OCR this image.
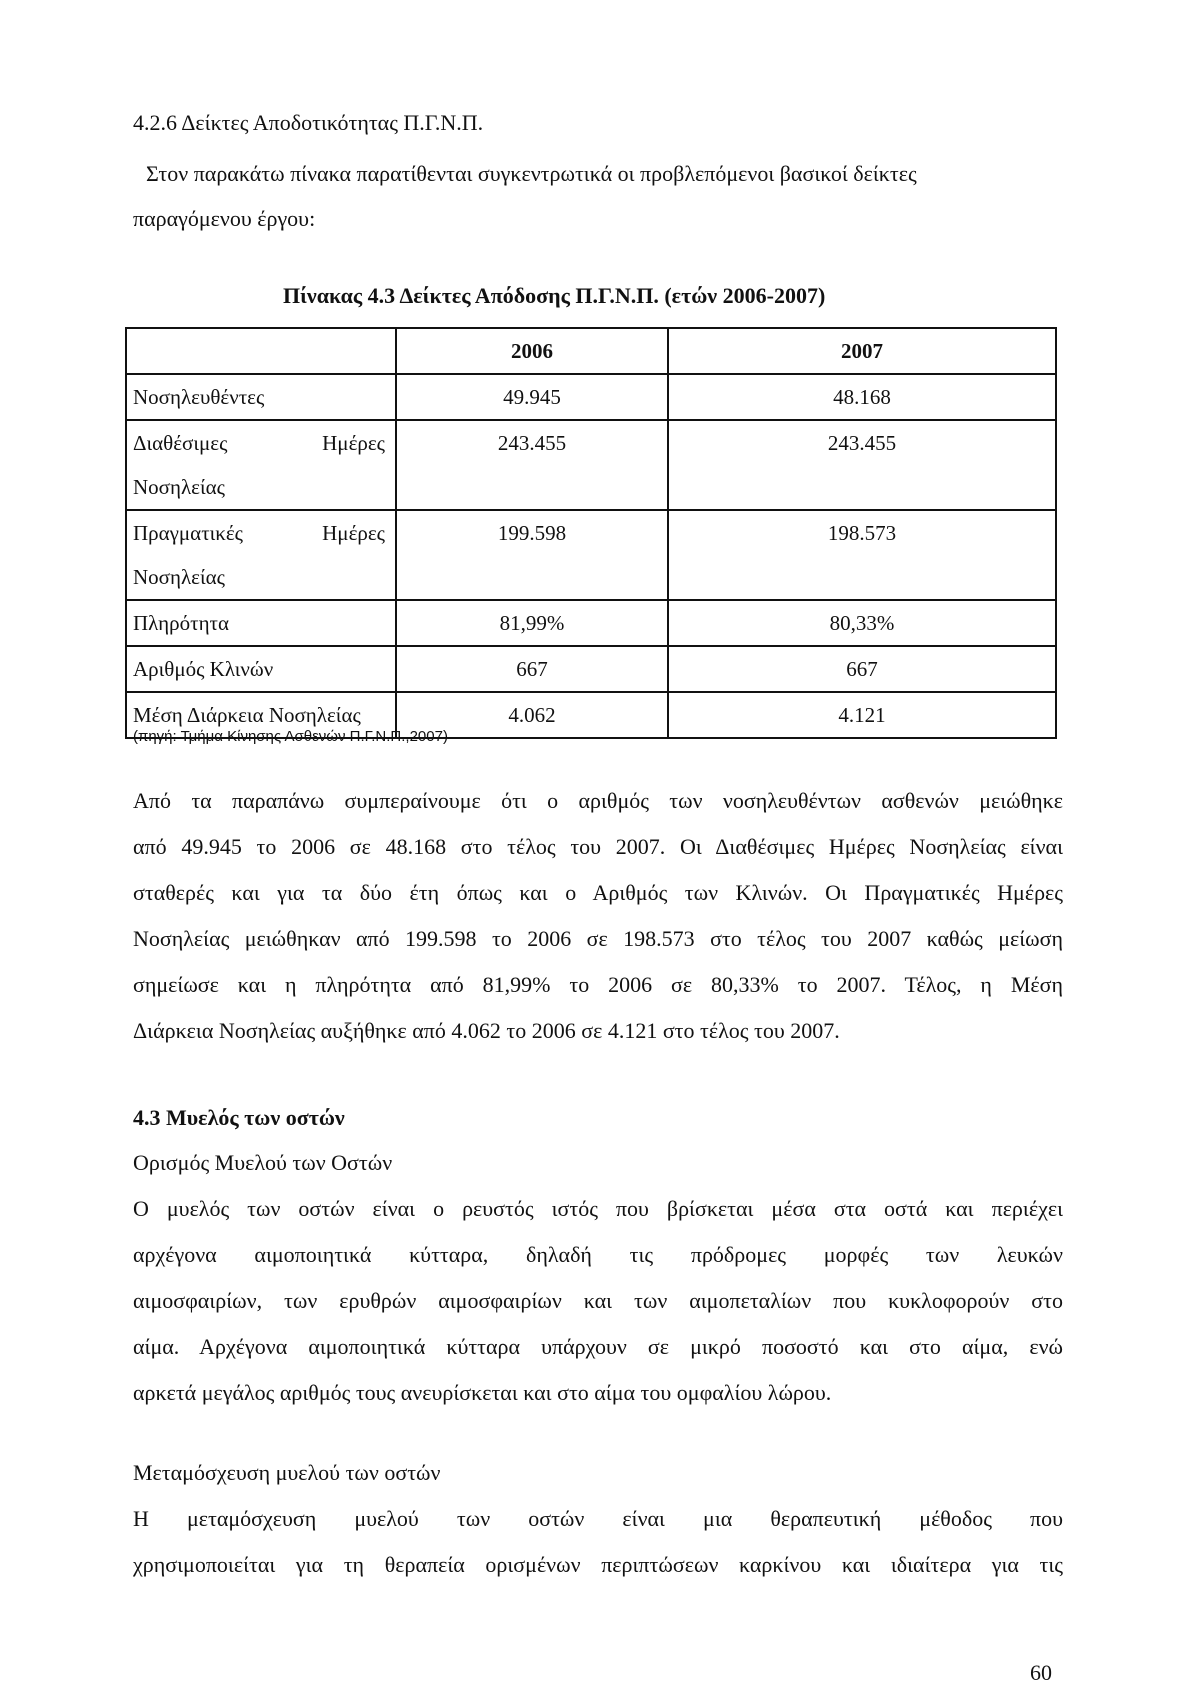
4.2.6 Δείκτες Αποδοτικότητας Π.Γ.Ν.Π.
Στον παρακάτω πίνακα παρατίθενται συγκεντρωτικά οι προβλεπόμενοι βασικοί δείκτες
παραγόμενου έργου:
Πίνακας 4.3 Δείκτες Απόδοσης Π.Γ.Ν.Π. (ετών 2006-2007)
	2006	2007
Νοσηλευθέντες	49.945	48.168

Διαθέσιμες Ημέρες
Νοσηλείας	243.455	243.455

Πραγματικές Ημέρες
Νοσηλείας	199.598	198.573
Πληρότητα	81,99%	80,33%
Αριθμός Κλινών	667	667
Μέση Διάρκεια Νοσηλείας	4.062	4.121
(πηγή: Τμήμα Κίνησης Ασθενών Π.Γ.Ν.Π.,2007)
Από τα παραπάνω συμπεραίνουμε ότι ο αριθμός των νοσηλευθέντων ασθενών μειώθηκε
από 49.945 το 2006 σε 48.168 στο τέλος του 2007. Οι Διαθέσιμες Ημέρες Νοσηλείας είναι
σταθερές και για τα δύο έτη όπως και ο Αριθμός των Κλινών. Οι Πραγματικές Ημέρες
Νοσηλείας μειώθηκαν από 199.598 το 2006 σε 198.573 στο τέλος του 2007 καθώς μείωση
σημείωσε και η πληρότητα από 81,99% το 2006 σε 80,33% το 2007. Τέλος, η Μέση
Διάρκεια Νοσηλείας αυξήθηκε από 4.062 το 2006 σε 4.121 στο τέλος του 2007.
4.3 Μυελός των οστών
Ορισμός Μυελού των Οστών
Ο μυελός των οστών είναι ο ρευστός ιστός που βρίσκεται μέσα στα οστά και περιέχει
αρχέγονα αιμοποιητικά κύτταρα, δηλαδή τις πρόδρομες μορφές των λευκών
αιμοσφαιρίων, των ερυθρών αιμοσφαιρίων και των αιμοπεταλίων που κυκλοφορούν στο
αίμα. Αρχέγονα αιμοποιητικά κύτταρα υπάρχουν σε μικρό ποσοστό και στο αίμα, ενώ
αρκετά μεγάλος αριθμός τους ανευρίσκεται και στο αίμα του ομφαλίου λώρου.
Μεταμόσχευση μυελού των οστών
Η μεταμόσχευση μυελού των οστών είναι μια θεραπευτική μέθοδος που
χρησιμοποιείται για τη θεραπεία ορισμένων περιπτώσεων καρκίνου και ιδιαίτερα για τις
60
